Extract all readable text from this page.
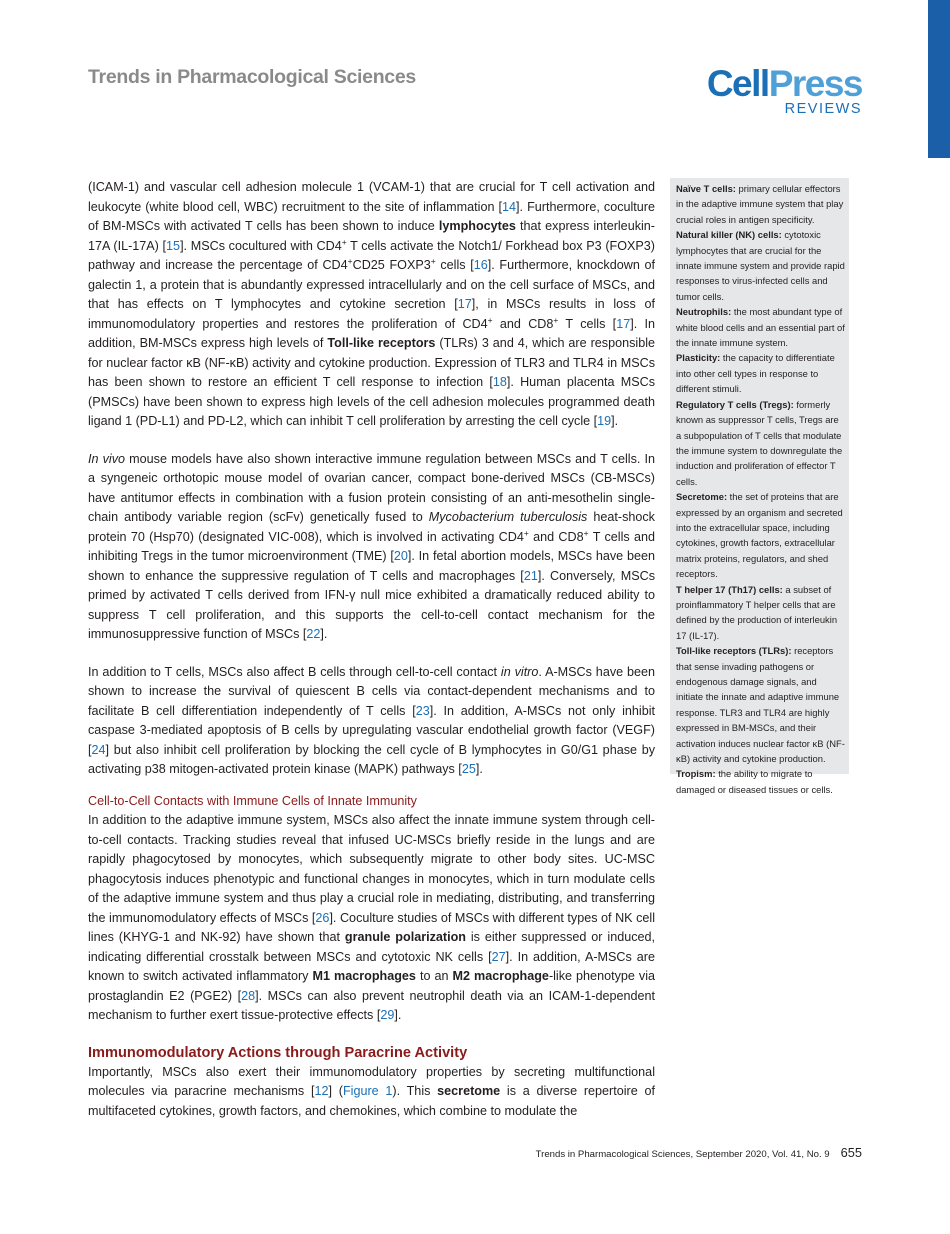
Trends in Pharmacological Sciences	CellPress
REVIEWS

(ICAM-1) and vascular cell adhesion molecule 1 (VCAM-1) that are crucial for T cell activation and leukocyte (white blood cell, WBC) recruitment to the site of inflammation [14]. Furthermore, coculture of BM-MSCs with activated T cells has been shown to induce lymphocytes that express interleukin-17A (IL-17A) [15]. MSCs cocultured with CD4+ T cells activate the Notch1/ Forkhead box P3 (FOXP3) pathway and increase the percentage of CD4+CD25 FOXP3+ cells [16]. Furthermore, knockdown of galectin 1, a protein that is abundantly expressed intracellularly and on the cell surface of MSCs, and that has effects on T lymphocytes and cytokine secretion [17], in MSCs results in loss of immunomodulatory properties and restores the proliferation of CD4+ and CD8+ T cells [17]. In addition, BM-MSCs express high levels of Toll-like receptors (TLRs) 3 and 4, which are responsible for nuclear factor κB (NF-κB) activity and cytokine production. Expression of TLR3 and TLR4 in MSCs has been shown to restore an efficient T cell response to infection [18]. Human placenta MSCs (PMSCs) have been shown to express high levels of the cell adhesion molecules programmed death ligand 1 (PD-L1) and PD-L2, which can inhibit T cell proliferation by arresting the cell cycle [19].

In vivo mouse models have also shown interactive immune regulation between MSCs and T cells. In a syngeneic orthotopic mouse model of ovarian cancer, compact bone-derived MSCs (CB-MSCs) have antitumor effects in combination with a fusion protein consisting of an anti-mesothelin single-chain antibody variable region (scFv) genetically fused to Mycobacterium tuberculosis heat-shock protein 70 (Hsp70) (designated VIC-008), which is involved in activating CD4+ and CD8+ T cells and inhibiting Tregs in the tumor microenvironment (TME) [20]. In fetal abortion models, MSCs have been shown to enhance the suppressive regulation of T cells and macrophages [21]. Conversely, MSCs primed by activated T cells derived from IFN-γ null mice exhibited a dramatically reduced ability to suppress T cell proliferation, and this supports the cell-to-cell contact mechanism for the immunosuppressive function of MSCs [22].

In addition to T cells, MSCs also affect B cells through cell-to-cell contact in vitro. A-MSCs have been shown to increase the survival of quiescent B cells via contact-dependent mechanisms and to facilitate B cell differentiation independently of T cells [23]. In addition, A-MSCs not only inhibit caspase 3-mediated apoptosis of B cells by upregulating vascular endothelial growth factor (VEGF) [24] but also inhibit cell proliferation by blocking the cell cycle of B lymphocytes in G0/G1 phase by activating p38 mitogen-activated protein kinase (MAPK) pathways [25].

Cell-to-Cell Contacts with Immune Cells of Innate Immunity

In addition to the adaptive immune system, MSCs also affect the innate immune system through cell-to-cell contacts. Tracking studies reveal that infused UC-MSCs briefly reside in the lungs and are rapidly phagocytosed by monocytes, which subsequently migrate to other body sites. UC-MSC phagocytosis induces phenotypic and functional changes in monocytes, which in turn modulate cells of the adaptive immune system and thus play a crucial role in mediating, distributing, and transferring the immunomodulatory effects of MSCs [26]. Coculture studies of MSCs with different types of NK cell lines (KHYG-1 and NK-92) have shown that granule polarization is either suppressed or induced, indicating differential crosstalk between MSCs and cytotoxic NK cells [27]. In addition, A-MSCs are known to switch activated inflammatory M1 macrophages to an M2 macrophage-like phenotype via prostaglandin E2 (PGE2) [28]. MSCs can also prevent neutrophil death via an ICAM-1-dependent mechanism to further exert tissue-protective effects [29].

Immunomodulatory Actions through Paracrine Activity

Importantly, MSCs also exert their immunomodulatory properties by secreting multifunctional molecules via paracrine mechanisms [12] (Figure 1). This secretome is a diverse repertoire of multifaceted cytokines, growth factors, and chemokines, which combine to modulate the

Naïve T cells: primary cellular effectors in the adaptive immune system that play crucial roles in antigen specificity.

Natural killer (NK) cells: cytotoxic lymphocytes that are crucial for the innate immune system and provide rapid responses to virus-infected cells and tumor cells.

Neutrophils: the most abundant type of white blood cells and an essential part of the innate immune system.

Plasticity: the capacity to differentiate into other cell types in response to different stimuli.

Regulatory T cells (Tregs): formerly known as suppressor T cells, Tregs are a subpopulation of T cells that modulate the immune system to downregulate the induction and proliferation of effector T cells.

Secretome: the set of proteins that are expressed by an organism and secreted into the extracellular space, including cytokines, growth factors, extracellular matrix proteins, regulators, and shed receptors.

T helper 17 (Th17) cells: a subset of proinflammatory T helper cells that are defined by the production of interleukin 17 (IL-17).

Toll-like receptors (TLRs): receptors that sense invading pathogens or endogenous damage signals, and initiate the innate and adaptive immune response. TLR3 and TLR4 are highly expressed in BM-MSCs, and their activation induces nuclear factor κB (NF-κB) activity and cytokine production.

Tropism: the ability to migrate to damaged or diseased tissues or cells.

Trends in Pharmacological Sciences, September 2020, Vol. 41, No. 9 655
